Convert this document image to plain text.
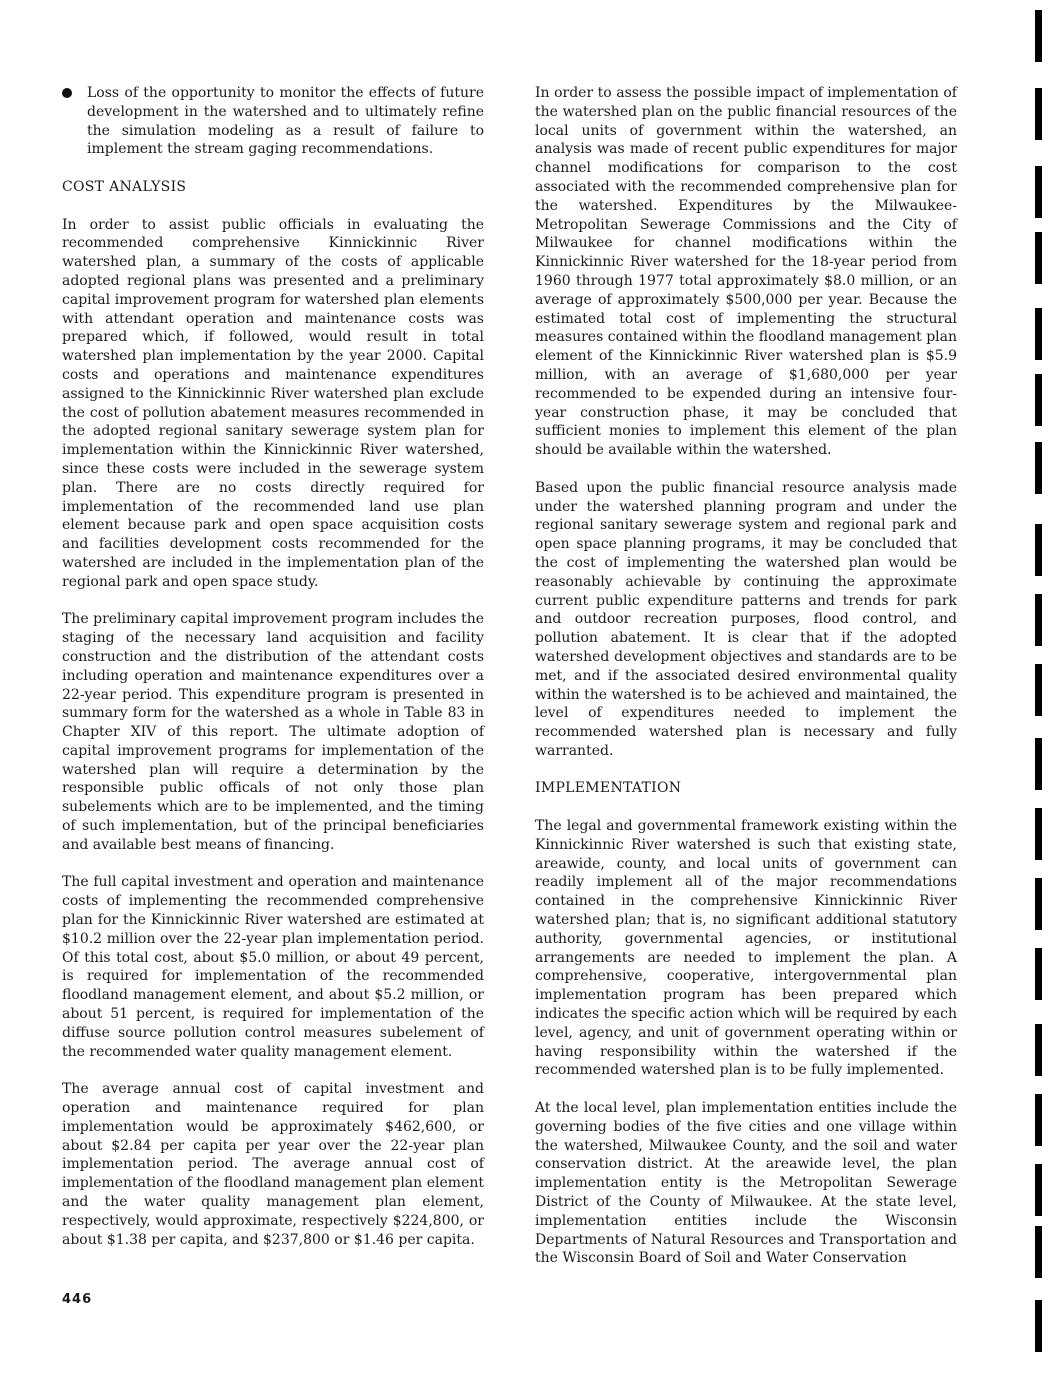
Loss of the opportunity to monitor the effects of future development in the watershed and to ultimately refine the simulation modeling as a result of failure to implement the stream gaging recommendations.
COST ANALYSIS

In order to assist public officials in evaluating the recommended comprehensive Kinnickinnic River watershed plan, a summary of the costs of applicable adopted regional plans was presented and a preliminary capital improvement program for watershed plan elements with attendant operation and maintenance costs was prepared which, if followed, would result in total watershed plan implementation by the year 2000. Capital costs and operations and maintenance expenditures assigned to the Kinnickinnic River watershed plan exclude the cost of pollution abatement measures recommended in the adopted regional sanitary sewerage system plan for implementation within the Kinnickinnic River watershed, since these costs were included in the sewerage system plan. There are no costs directly required for implementation of the recommended land use plan element because park and open space acquisition costs and facilities development costs recommended for the watershed are included in the implementation plan of the regional park and open space study.

The preliminary capital improvement program includes the staging of the necessary land acquisition and facility construction and the distribution of the attendant costs including operation and maintenance expenditures over a 22-year period. This expenditure program is presented in summary form for the watershed as a whole in Table 83 in Chapter XIV of this report. The ultimate adoption of capital improvement programs for implementation of the watershed plan will require a determination by the responsible public officals of not only those plan subelements which are to be implemented, and the timing of such implementation, but of the principal beneficiaries and available best means of financing.

The full capital investment and operation and maintenance costs of implementing the recommended comprehensive plan for the Kinnickinnic River watershed are estimated at $10.2 million over the 22-year plan implementation period. Of this total cost, about $5.0 million, or about 49 percent, is required for implementation of the recommended floodland management element, and about $5.2 million, or about 51 percent, is required for implementation of the diffuse source pollution control measures subelement of the recommended water quality management element.

The average annual cost of capital investment and operation and maintenance required for plan implementation would be approximately $462,600, or about $2.84 per capita per year over the 22-year plan implementation period. The average annual cost of implementation of the floodland management plan element and the water quality management plan element, respectively, would approximate, respectively $224,800, or about $1.38 per capita, and $237,800 or $1.46 per capita.

In order to assess the possible impact of implementation of the watershed plan on the public financial resources of the local units of government within the watershed, an analysis was made of recent public expenditures for major channel modifications for comparison to the cost associated with the recommended comprehensive plan for the watershed. Expenditures by the Milwaukee-Metropolitan Sewerage Commissions and the City of Milwaukee for channel modifications within the Kinnickinnic River watershed for the 18-year period from 1960 through 1977 total approximately $8.0 million, or an average of approximately $500,000 per year. Because the estimated total cost of implementing the structural measures contained within the floodland management plan element of the Kinnickinnic River watershed plan is $5.9 million, with an average of $1,680,000 per year recommended to be expended during an intensive four-year construction phase, it may be concluded that sufficient monies to implement this element of the plan should be available within the watershed.

Based upon the public financial resource analysis made under the watershed planning program and under the regional sanitary sewerage system and regional park and open space planning programs, it may be concluded that the cost of implementing the watershed plan would be reasonably achievable by continuing the approximate current public expenditure patterns and trends for park and outdoor recreation purposes, flood control, and pollution abatement. It is clear that if the adopted watershed development objectives and standards are to be met, and if the associated desired environmental quality within the watershed is to be achieved and maintained, the level of expenditures needed to implement the recommended watershed plan is necessary and fully warranted.

IMPLEMENTATION

The legal and governmental framework existing within the Kinnickinnic River watershed is such that existing state, areawide, county, and local units of government can readily implement all of the major recommendations contained in the comprehensive Kinnickinnic River watershed plan; that is, no significant additional statutory authority, governmental agencies, or institutional arrangements are needed to implement the plan. A comprehensive, cooperative, intergovernmental plan implementation program has been prepared which indicates the specific action which will be required by each level, agency, and unit of government operating within or having responsibility within the watershed if the recommended watershed plan is to be fully implemented.

At the local level, plan implementation entities include the governing bodies of the five cities and one village within the watershed, Milwaukee County, and the soil and water conservation district. At the areawide level, the plan implementation entity is the Metropolitan Sewerage District of the County of Milwaukee. At the state level, implementation entities include the Wisconsin Departments of Natural Resources and Transportation and the Wisconsin Board of Soil and Water Conservation

446
